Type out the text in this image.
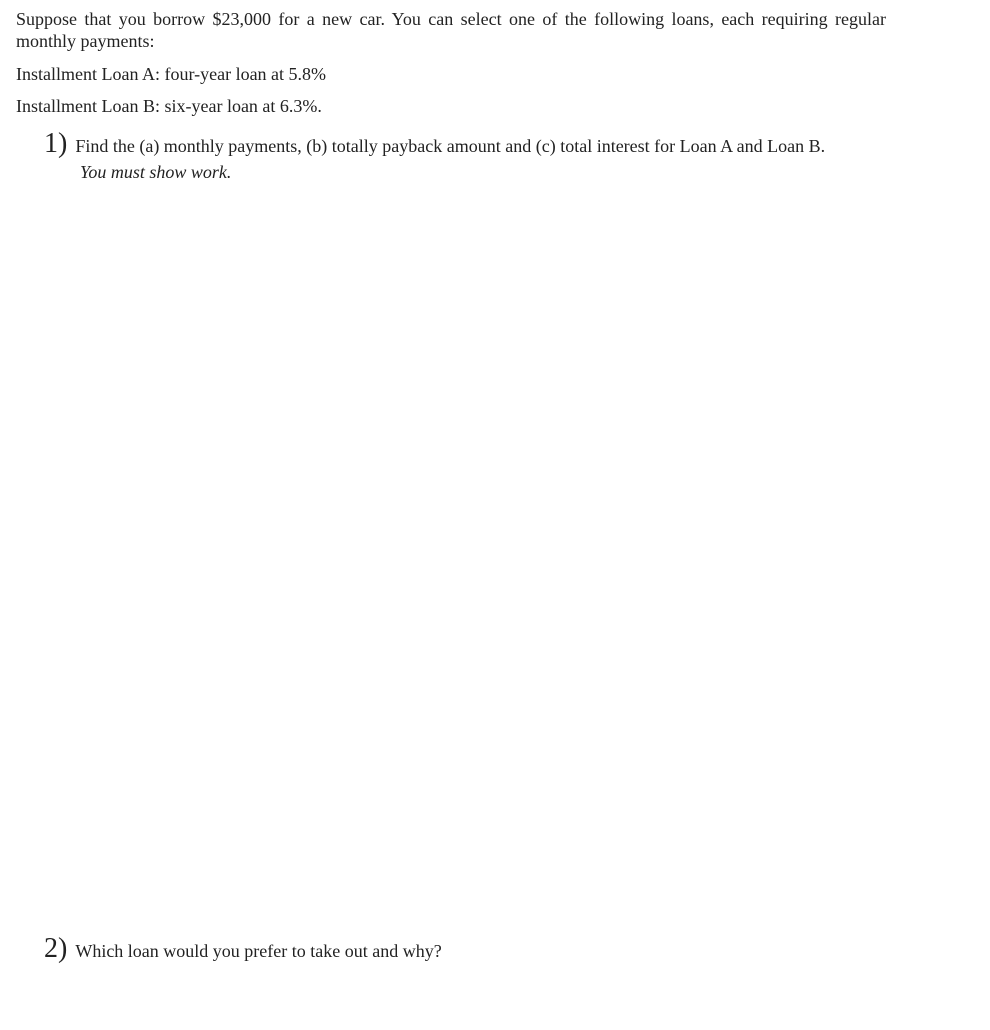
Suppose that you borrow $23,000 for a new car. You can select one of the following loans, each requiring regular monthly payments:

Installment Loan A: four-year loan at 5.8%

Installment Loan B: six-year loan at 6.3%.

1) Find the (a) monthly payments, (b) totally payback amount and (c) total interest for Loan A and Loan B.

You must show work.

2) Which loan would you prefer to take out and why?
